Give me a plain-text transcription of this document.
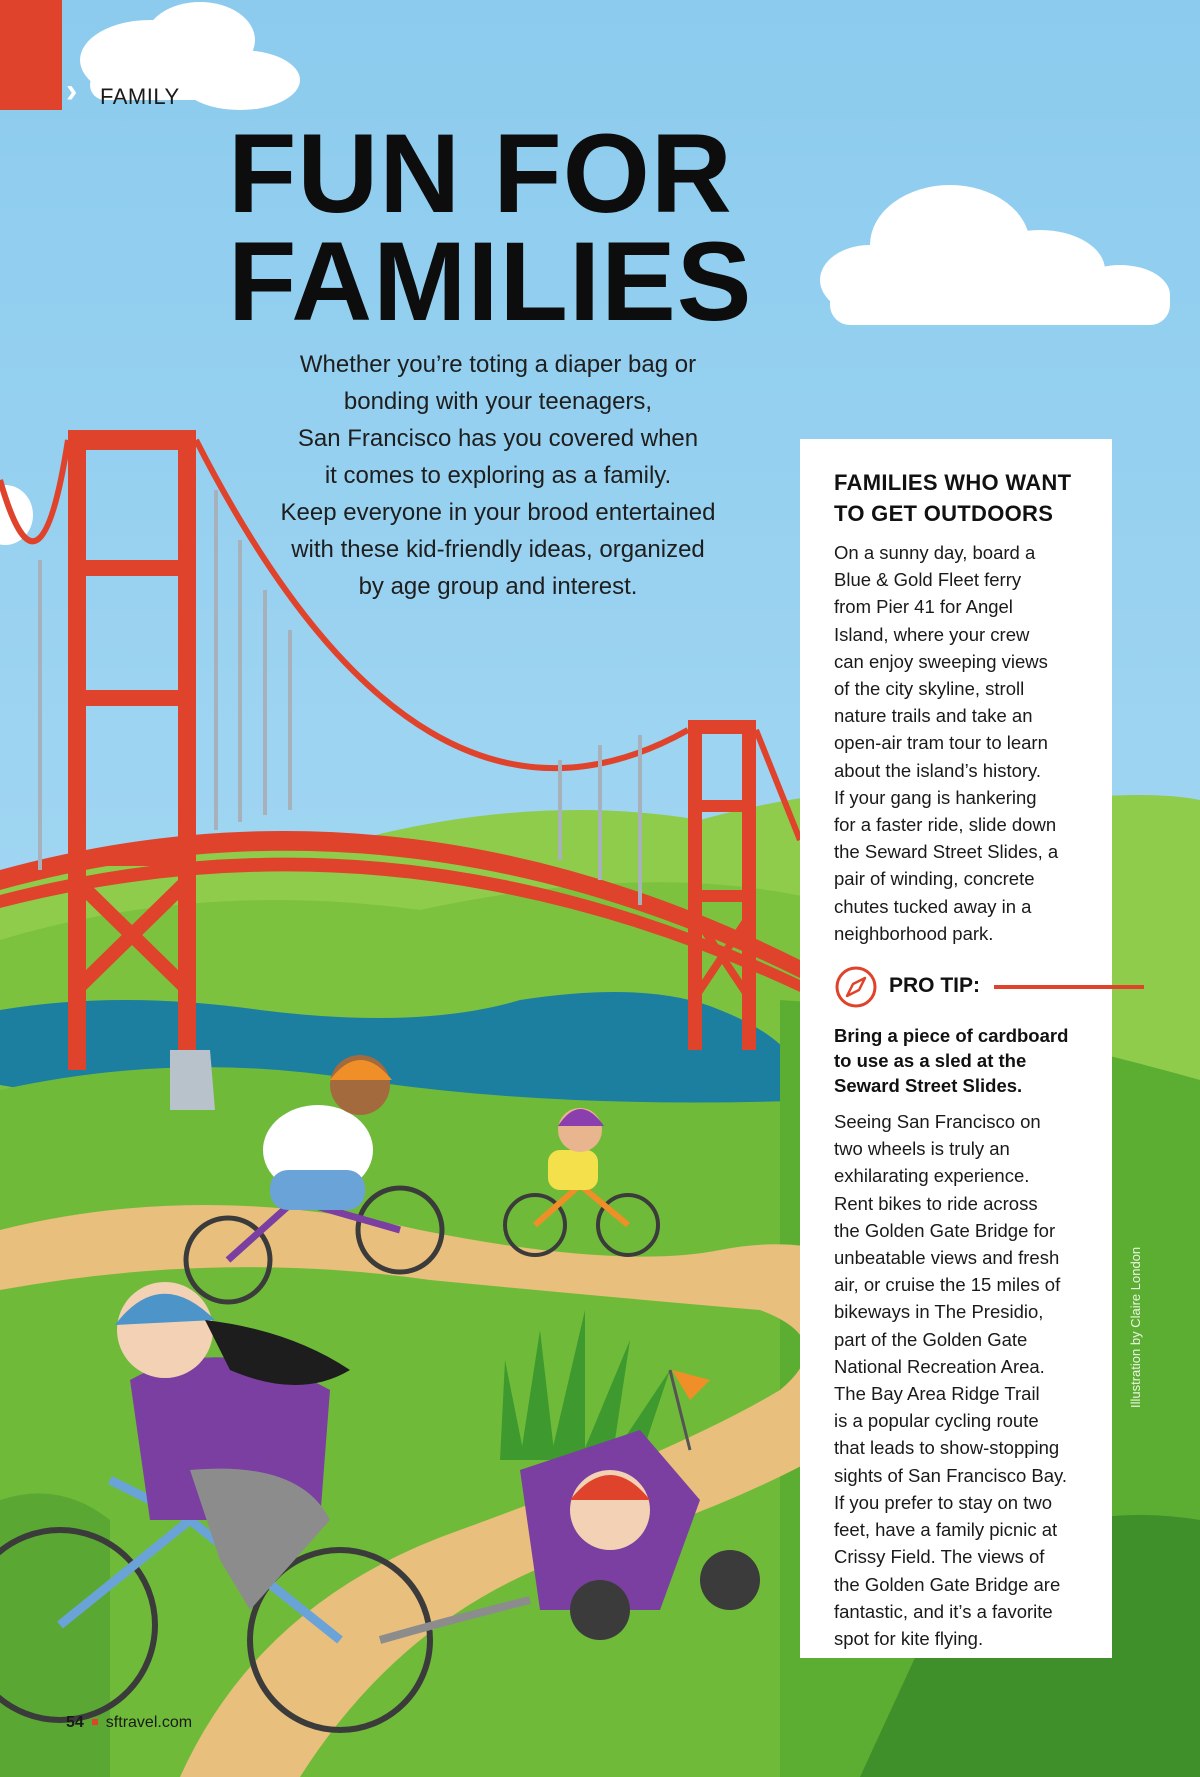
› FAMILY
FUN FOR
FAMILIES

Whether you’re toting a diaper bag or
bonding with your teenagers,
San Francisco has you covered when
it comes to exploring as a family.
Keep everyone in your brood entertained
with these kid-friendly ideas, organized
by age group and interest.

FAMILIES WHO WANT
TO GET OUTDOORS

On a sunny day, board a
Blue & Gold Fleet ferry
from Pier 41 for Angel
Island, where your crew
can enjoy sweeping views
of the city skyline, stroll
nature trails and take an
open-air tram tour to learn
about the island’s history.
If your gang is hankering
for a faster ride, slide down
the Seward Street Slides, a
pair of winding, concrete
chutes tucked away in a
neighborhood park.

PRO TIP:

Bring a piece of cardboard
to use as a sled at the
Seward Street Slides.

Seeing San Francisco on
two wheels is truly an
exhilarating experience.
Rent bikes to ride across
the Golden Gate Bridge for
unbeatable views and fresh
air, or cruise the 15 miles of
bikeways in The Presidio,
part of the Golden Gate
National Recreation Area.
The Bay Area Ridge Trail
is a popular cycling route
that leads to show-stopping
sights of San Francisco Bay.
If you prefer to stay on two
feet, have a family picnic at
Crissy Field. The views of
the Golden Gate Bridge are
fantastic, and it’s a favorite
spot for kite flying.

Illustration by Claire London
54 sftravel.com
